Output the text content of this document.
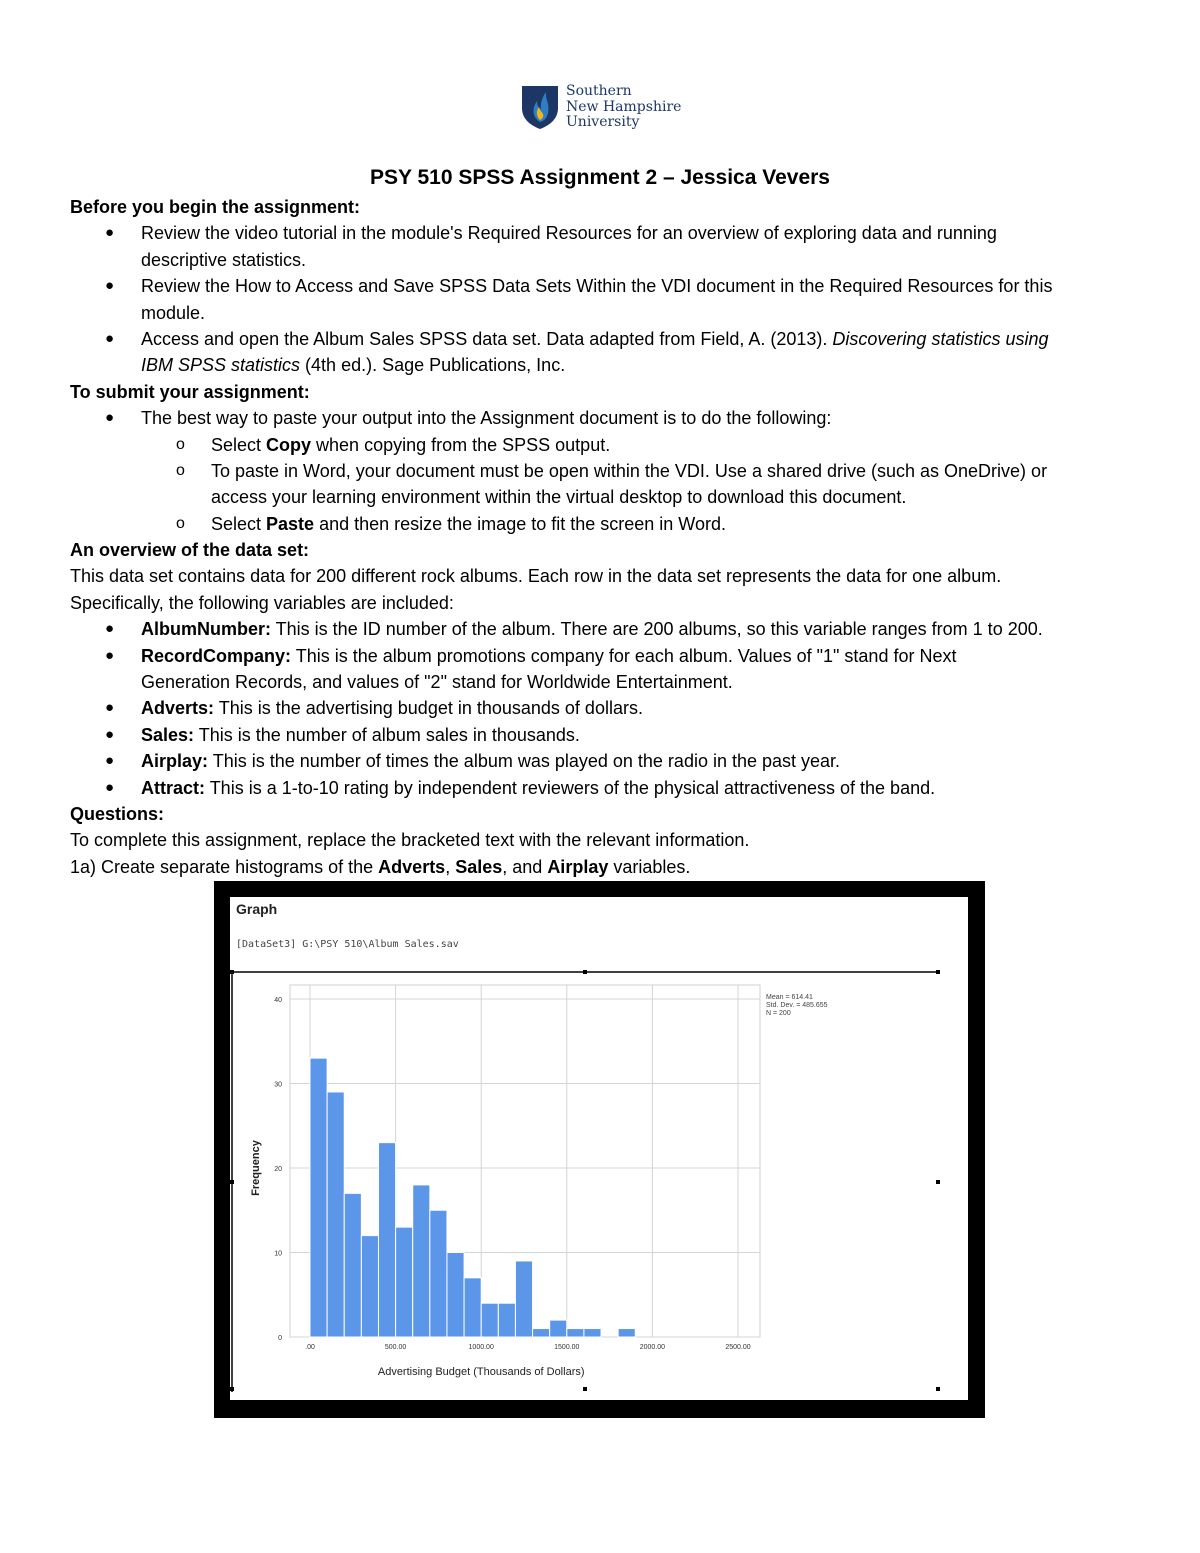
Southern
New Hampshire
University
PSY 510 SPSS Assignment 2 – Jessica Vevers
Before you begin the assignment:
● Review the video tutorial in the module's Required Resources for an overview of exploring data and running
descriptive statistics.
● Review the How to Access and Save SPSS Data Sets Within the VDI document in the Required Resources for this
module.
● Access and open the Album Sales SPSS data set. Data adapted from Field, A. (2013). Discovering statistics using
IBM SPSS statistics (4th ed.). Sage Publications, Inc.
To submit your assignment:
● The best way to paste your output into the Assignment document is to do the following:
o Select Copy when copying from the SPSS output.
o To paste in Word, your document must be open within the VDI. Use a shared drive (such as OneDrive) or
access your learning environment within the virtual desktop to download this document.
o Select Paste and then resize the image to fit the screen in Word.
An overview of the data set:
This data set contains data for 200 different rock albums. Each row in the data set represents the data for one album.
Specifically, the following variables are included:
● AlbumNumber: This is the ID number of the album. There are 200 albums, so this variable ranges from 1 to 200.
● RecordCompany: This is the album promotions company for each album. Values of "1" stand for Next
Generation Records, and values of "2" stand for Worldwide Entertainment.
● Adverts: This is the advertising budget in thousands of dollars.
● Sales: This is the number of album sales in thousands.
● Airplay: This is the number of times the album was played on the radio in the past year.
● Attract: This is a 1-to-10 rating by independent reviewers of the physical attractiveness of the band.
Questions:
To complete this assignment, replace the bracketed text with the relevant information.
1a) Create separate histograms of the Adverts, Sales, and Airplay variables.
Graph
[DataSet3] G:\PSY 510\Album Sales.sav
0
10
20
30
40
.00	500.00	1000.00	1500.00	2000.00	2500.00
Advertising Budget (Thousands of Dollars)
Frequency
Mean = 614.41
Std. Dev. = 485.655
N = 200
